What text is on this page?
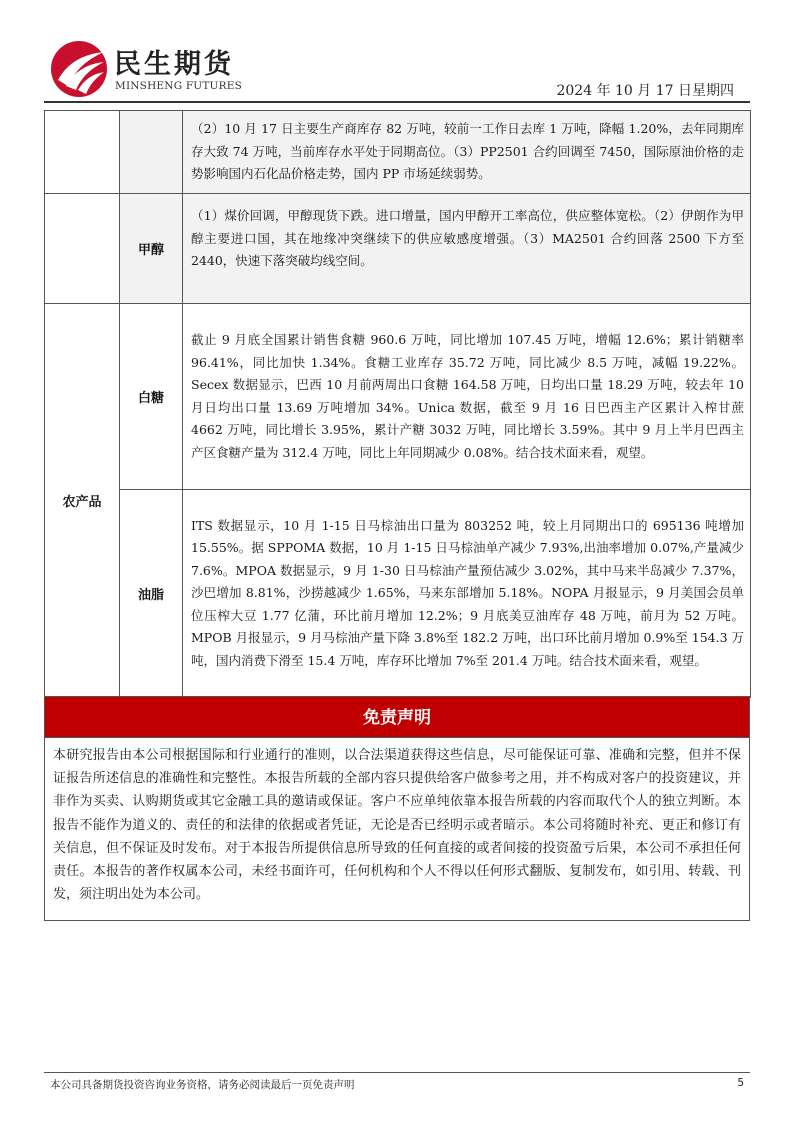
民生期货
MINSHENG FUTURES	2024 年 10 月 17 日星期四

		（2）10 月 17 日主要生产商库存 82 万吨，较前一工作日去库 1 万吨，降幅 1.20%，去年同期库存大致 74 万吨，当前库存水平处于同期高位。（3）PP2501 合约回调至 7450，国际原油价格的走势影响国内石化品价格走势，国内 PP 市场延续弱势。

	甲醇	（1）煤价回调，甲醇现货下跌。进口增量，国内甲醇开工率高位，供应整体宽松。（2）伊朗作为甲醇主要进口国，其在地缘冲突继续下的供应敏感度增强。（3）MA2501 合约回落 2500 下方至 2440，快速下落突破均线空间。

农产品	白糖	截止 9 月底全国累计销售食糖 960.6 万吨，同比增加 107.45 万吨，增幅 12.6%；累计销糖率 96.41%，同比加快 1.34%。食糖工业库存 35.72 万吨，同比减少 8.5 万吨，减幅 19.22%。Secex 数据显示，巴西 10 月前两周出口食糖 164.58 万吨，日均出口量 18.29 万吨，较去年 10 月日均出口量 13.69 万吨增加 34%。Unica 数据，截至 9 月 16 日巴西主产区累计入榨甘蔗 4662 万吨，同比增长 3.95%，累计产糖 3032 万吨，同比增长 3.59%。其中 9 月上半月巴西主产区食糖产量为 312.4 万吨，同比上年同期减少 0.08%。结合技术面来看，观望。

	油脂	ITS 数据显示，10 月 1-15 日马棕油出口量为 803252 吨，较上月同期出口的 695136 吨增加 15.55%。据 SPPOMA 数据，10 月 1-15 日马棕油单产减少 7.93%,出油率增加 0.07%,产量减少 7.6%。MPOA 数据显示，9 月 1-30 日马棕油产量预估减少 3.02%，其中马来半岛减少 7.37%，沙巴增加 8.81%，沙捞越减少 1.65%，马来东部增加 5.18%。NOPA 月报显示，9 月美国会员单位压榨大豆 1.77 亿蒲，环比前月增加 12.2%；9 月底美豆油库存 48 万吨，前月为 52 万吨。MPOB 月报显示，9 月马棕油产量下降 3.8%至 182.2 万吨，出口环比前月增加 0.9%至 154.3 万吨，国内消费下滑至 15.4 万吨，库存环比增加 7%至 201.4 万吨。结合技术面来看，观望。
免责声明
本研究报告由本公司根据国际和行业通行的准则，以合法渠道获得这些信息，尽可能保证可靠、准确和完整，但并不保证报告所述信息的准确性和完整性。本报告所载的全部内容只提供给客户做参考之用，并不构成对客户的投资建议，并非作为买卖、认购期货或其它金融工具的邀请或保证。客户不应单纯依靠本报告所载的内容而取代个人的独立判断。本报告不能作为道义的、责任的和法律的依据或者凭证，无论是否已经明示或者暗示。本公司将随时补充、更正和修订有关信息，但不保证及时发布。对于本报告所提供信息所导致的任何直接的或者间接的投资盈亏后果，本公司不承担任何责任。本报告的著作权属本公司，未经书面许可，任何机构和个人不得以任何形式翻版、复制发布，如引用、转载、刊发，须注明出处为本公司。
本公司具备期货投资咨询业务资格，请务必阅读最后一页免责声明	5
